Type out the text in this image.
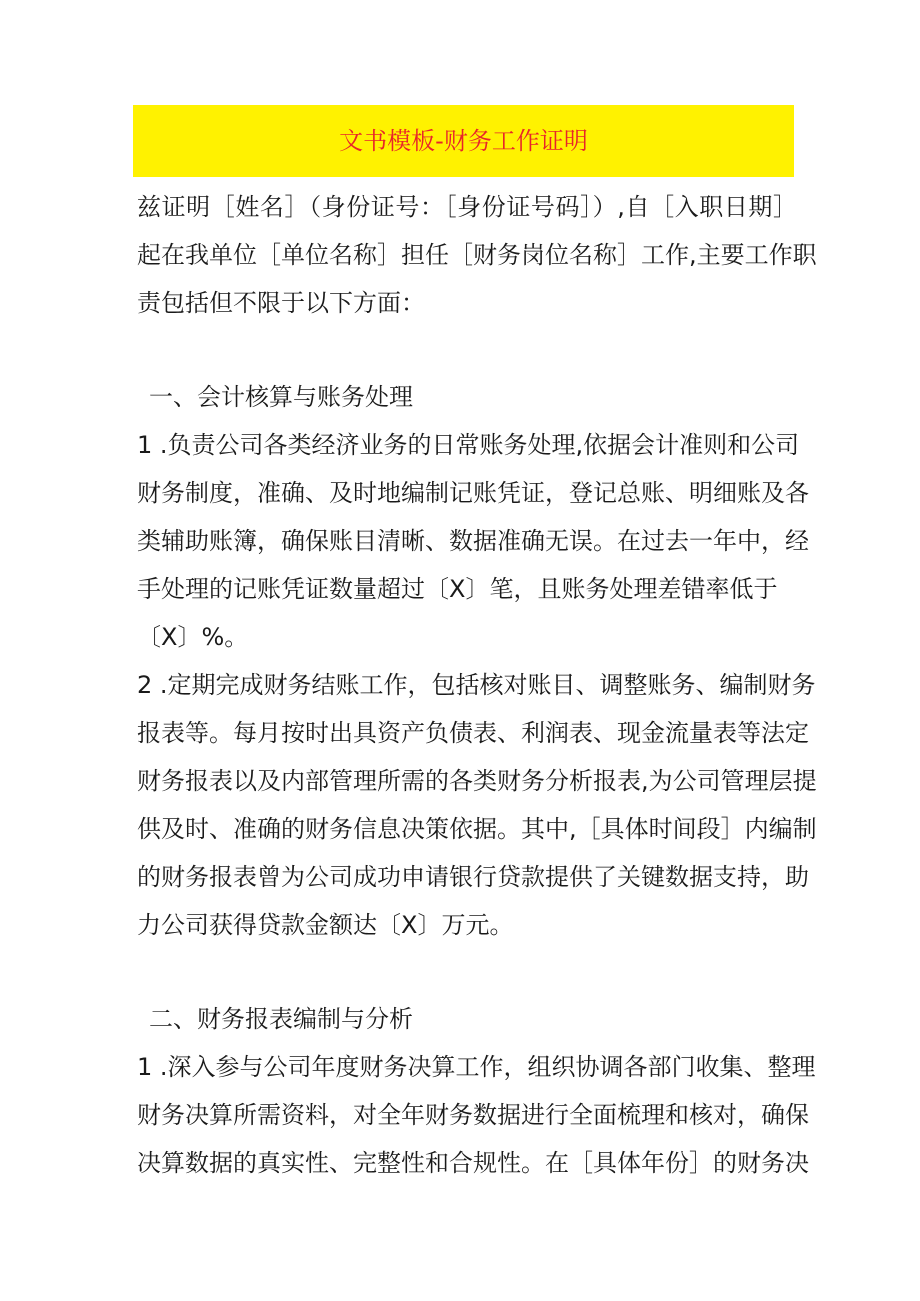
文书模板-财务工作证明
兹证明［姓名］（身份证号：［身份证号码］）,自［入职日期］
起在我单位［单位名称］担任［财务岗位名称］工作,主要工作职
责包括但不限于以下方面：
一、会计核算与账务处理
1 .负责公司各类经济业务的日常账务处理,依据会计准则和公司
财务制度，准确、及时地编制记账凭证，登记总账、明细账及各
类辅助账簿，确保账目清晰、数据准确无误。在过去一年中，经
手处理的记账凭证数量超过〔X〕笔，且账务处理差错率低于
〔X〕%。
2 .定期完成财务结账工作，包括核对账目、调整账务、编制财务
报表等。每月按时出具资产负债表、利润表、现金流量表等法定
财务报表以及内部管理所需的各类财务分析报表,为公司管理层提
供及时、准确的财务信息决策依据。其中,［具体时间段］内编制
的财务报表曾为公司成功申请银行贷款提供了关键数据支持，助
力公司获得贷款金额达〔X〕万元。
二、财务报表编制与分析
1 .深入参与公司年度财务决算工作，组织协调各部门收集、整理
财务决算所需资料，对全年财务数据进行全面梳理和核对，确保
决算数据的真实性、完整性和合规性。在［具体年份］的财务决
